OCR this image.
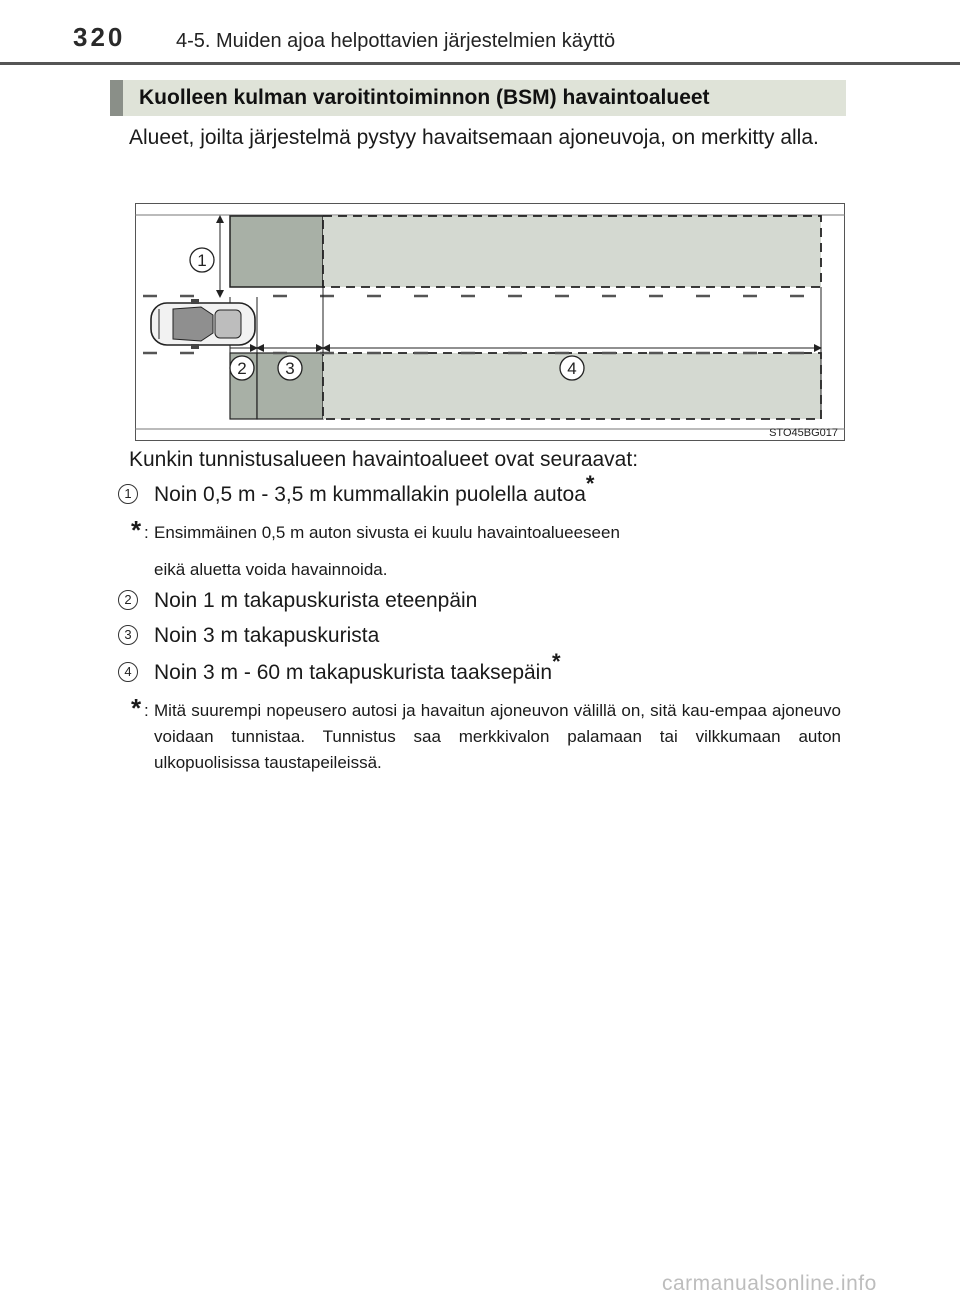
320	4-5. Muiden ajoa helpottavien järjestelmien käyttö
Kuolleen kulman varoitintoiminnon (BSM) havaintoalueet
Alueet, joilta järjestelmä pystyy havaitsemaan ajoneuvoja, on merkitty alla.
1
2 3	4
STO45BG017
Kunkin tunnistusalueen havaintoalueet ovat seuraavat:
1	Noin 0,5 m - 3,5 m kummallakin puolella autoa*
* : Ensimmäinen 0,5 m auton sivusta ei kuulu havaintoalueeseen
eikä aluetta voida havainnoida.
2	Noin 1 m takapuskurista eteenpäin
3	Noin 3 m takapuskurista
4	Noin 3 m - 60 m takapuskurista taaksepäin*
* : Mitä suurempi nopeusero autosi ja havaitun ajoneuvon välillä on, sitä kau-empaa ajoneuvo voidaan tunnistaa. Tunnistus saa merkkivalon palamaan tai vilkkumaan auton ulkopuolisissa taustapeileissä.
carmanualsonline.info
